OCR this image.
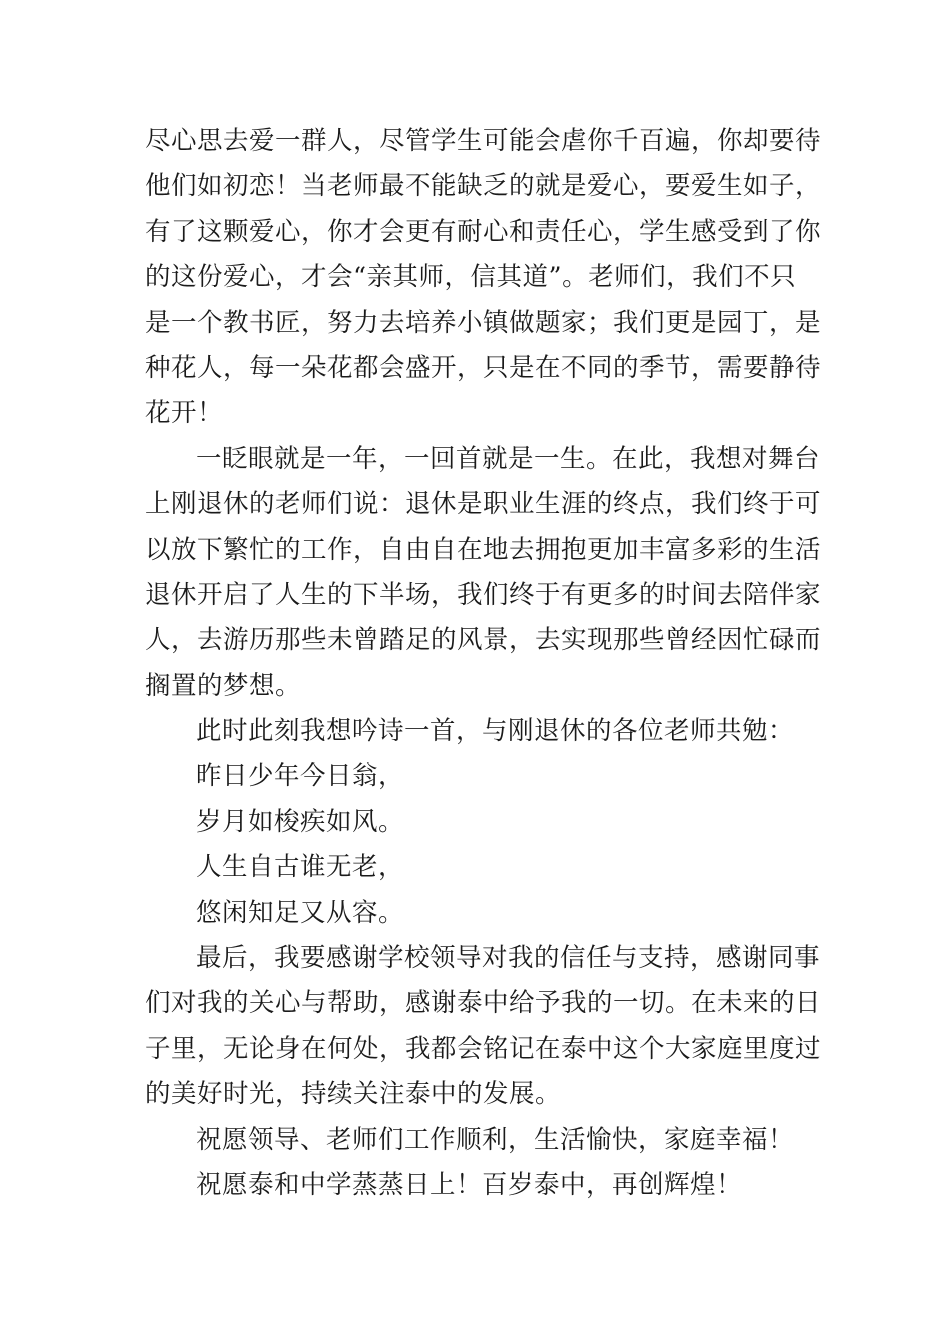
尽心思去爱一群人，尽管学生可能会虐你千百遍，你却要待
他们如初恋！当老师最不能缺乏的就是爱心，要爱生如子，
有了这颗爱心，你才会更有耐心和责任心，学生感受到了你
的这份爱心，才会“亲其师，信其道”。老师们，我们不只
是一个教书匠，努力去培养小镇做题家；我们更是园丁，是
种花人，每一朵花都会盛开，只是在不同的季节，需要静待
花开！
一眨眼就是一年，一回首就是一生。在此，我想对舞台
上刚退休的老师们说：退休是职业生涯的终点，我们终于可
以放下繁忙的工作，自由自在地去拥抱更加丰富多彩的生活
退休开启了人生的下半场，我们终于有更多的时间去陪伴家
人，去游历那些未曾踏足的风景，去实现那些曾经因忙碌而
搁置的梦想。
此时此刻我想吟诗一首，与刚退休的各位老师共勉：
昨日少年今日翁，
岁月如梭疾如风。
人生自古谁无老，
悠闲知足又从容。
最后，我要感谢学校领导对我的信任与支持，感谢同事
们对我的关心与帮助，感谢泰中给予我的一切。在未来的日
子里，无论身在何处，我都会铭记在泰中这个大家庭里度过
的美好时光，持续关注泰中的发展。
祝愿领导、老师们工作顺利，生活愉快，家庭幸福！
祝愿泰和中学蒸蒸日上！百岁泰中，再创辉煌！
